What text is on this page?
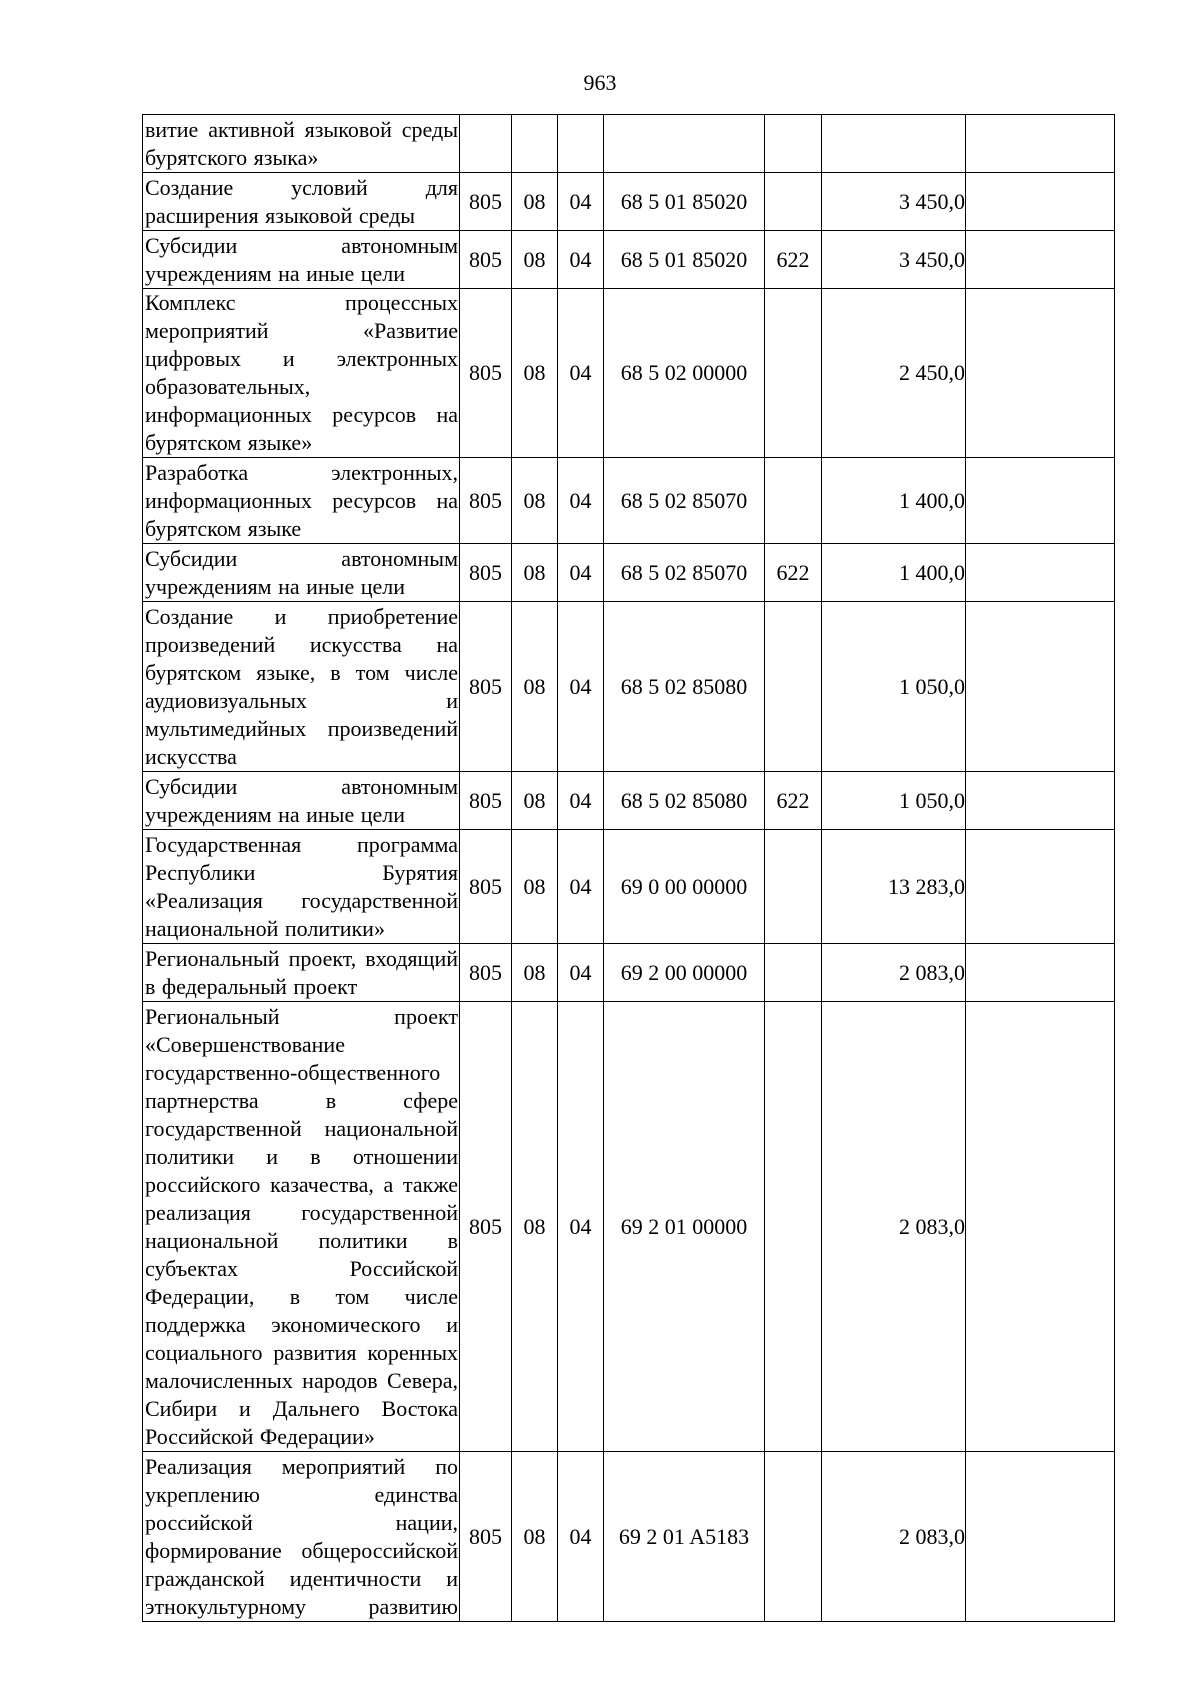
963
витие активной языковой среды бурятского языка»							
Создание условий для расширения языковой среды	805	08	04	68 5 01 85020		3 450,0	
Субсидии автономным учреждениям на иные цели	805	08	04	68 5 01 85020	622	3 450,0	
Комплекс процессных мероприятий «Развитие цифровых и электронных образовательных, информационных ресурсов на бурятском языке»	805	08	04	68 5 02 00000		2 450,0	
Разработка электронных, информационных ресурсов на бурятском языке	805	08	04	68 5 02 85070		1 400,0	
Субсидии автономным учреждениям на иные цели	805	08	04	68 5 02 85070	622	1 400,0	
Создание и приобретение произведений искусства на бурятском языке, в том числе аудиовизуальных и мультимедийных произведений искусства	805	08	04	68 5 02 85080		1 050,0	
Субсидии автономным учреждениям на иные цели	805	08	04	68 5 02 85080	622	1 050,0	
Государственная программа Республики Бурятия «Реализация государственной национальной политики»	805	08	04	69 0 00 00000		13 283,0	
Региональный проект, входящий в федеральный проект	805	08	04	69 2 00 00000		2 083,0	
Региональный проект «Совершенствование государственно-общественного партнерства в сфере государственной национальной политики и в отношении российского казачества, а также реализация государственной национальной политики в субъектах Российской Федерации, в том числе поддержка экономического и социального развития коренных малочисленных народов Севера, Сибири и Дальнего Востока Российской Федерации»	805	08	04	69 2 01 00000		2 083,0	
Реализация мероприятий по укреплению единства российской нации, формирование общероссийской гражданской идентичности и этнокультурному развитию	805	08	04	69 2 01 A5183		2 083,0	
